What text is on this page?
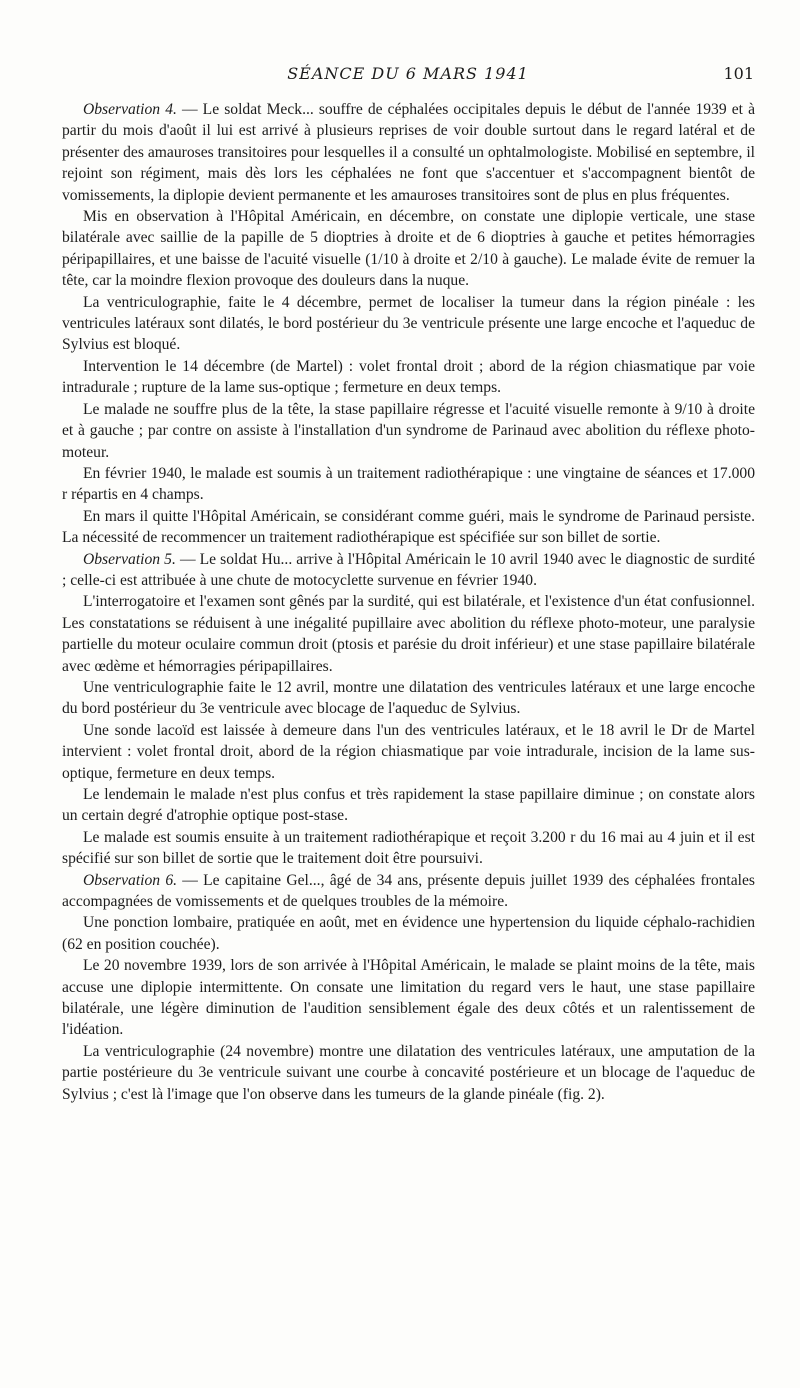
SÉANCE DU 6 MARS 1941	101

Observation 4. — Le soldat Meck... souffre de céphalées occipitales depuis le début de l'année 1939 et à partir du mois d'août il lui est arrivé à plusieurs reprises de voir double surtout dans le regard latéral et de présenter des amauroses transitoires pour lesquelles il a consulté un ophtalmologiste. Mobilisé en septembre, il rejoint son régiment, mais dès lors les céphalées ne font que s'accentuer et s'accompagnent bientôt de vomissements, la diplopie devient permanente et les amauroses transitoires sont de plus en plus fréquentes.

Mis en observation à l'Hôpital Américain, en décembre, on constate une diplopie verticale, une stase bilatérale avec saillie de la papille de 5 dioptries à droite et de 6 dioptries à gauche et petites hémorragies péripapillaires, et une baisse de l'acuité visuelle (1/10 à droite et 2/10 à gauche). Le malade évite de remuer la tête, car la moindre flexion provoque des douleurs dans la nuque.

La ventriculographie, faite le 4 décembre, permet de localiser la tumeur dans la région pinéale : les ventricules latéraux sont dilatés, le bord postérieur du 3e ventricule présente une large encoche et l'aqueduc de Sylvius est bloqué.

Intervention le 14 décembre (de Martel) : volet frontal droit ; abord de la région chiasmatique par voie intradurale ; rupture de la lame sus-optique ; fermeture en deux temps.

Le malade ne souffre plus de la tête, la stase papillaire régresse et l'acuité visuelle remonte à 9/10 à droite et à gauche ; par contre on assiste à l'installation d'un syndrome de Parinaud avec abolition du réflexe photo-moteur.

En février 1940, le malade est soumis à un traitement radiothérapique : une vingtaine de séances et 17.000 r répartis en 4 champs.

En mars il quitte l'Hôpital Américain, se considérant comme guéri, mais le syndrome de Parinaud persiste. La nécessité de recommencer un traitement radiothérapique est spécifiée sur son billet de sortie.

Observation 5. — Le soldat Hu... arrive à l'Hôpital Américain le 10 avril 1940 avec le diagnostic de surdité ; celle-ci est attribuée à une chute de motocyclette survenue en février 1940.

L'interrogatoire et l'examen sont gênés par la surdité, qui est bilatérale, et l'existence d'un état confusionnel. Les constatations se réduisent à une inégalité pupillaire avec abolition du réflexe photo-moteur, une paralysie partielle du moteur oculaire commun droit (ptosis et parésie du droit inférieur) et une stase papillaire bilatérale avec œdème et hémorragies péripapillaires.

Une ventriculographie faite le 12 avril, montre une dilatation des ventricules latéraux et une large encoche du bord postérieur du 3e ventricule avec blocage de l'aqueduc de Sylvius.

Une sonde lacoïd est laissée à demeure dans l'un des ventricules latéraux, et le 18 avril le Dr de Martel intervient : volet frontal droit, abord de la région chiasmatique par voie intradurale, incision de la lame sus-optique, fermeture en deux temps.

Le lendemain le malade n'est plus confus et très rapidement la stase papillaire diminue ; on constate alors un certain degré d'atrophie optique post-stase.

Le malade est soumis ensuite à un traitement radiothérapique et reçoit 3.200 r du 16 mai au 4 juin et il est spécifié sur son billet de sortie que le traitement doit être poursuivi.

Observation 6. — Le capitaine Gel..., âgé de 34 ans, présente depuis juillet 1939 des céphalées frontales accompagnées de vomissements et de quelques troubles de la mémoire.

Une ponction lombaire, pratiquée en août, met en évidence une hypertension du liquide céphalo-rachidien (62 en position couchée).

Le 20 novembre 1939, lors de son arrivée à l'Hôpital Américain, le malade se plaint moins de la tête, mais accuse une diplopie intermittente. On consate une limitation du regard vers le haut, une stase papillaire bilatérale, une légère diminution de l'audition sensiblement égale des deux côtés et un ralentissement de l'idéation.

La ventriculographie (24 novembre) montre une dilatation des ventricules latéraux, une amputation de la partie postérieure du 3e ventricule suivant une courbe à concavité postérieure et un blocage de l'aqueduc de Sylvius ; c'est là l'image que l'on observe dans les tumeurs de la glande pinéale (fig. 2).
